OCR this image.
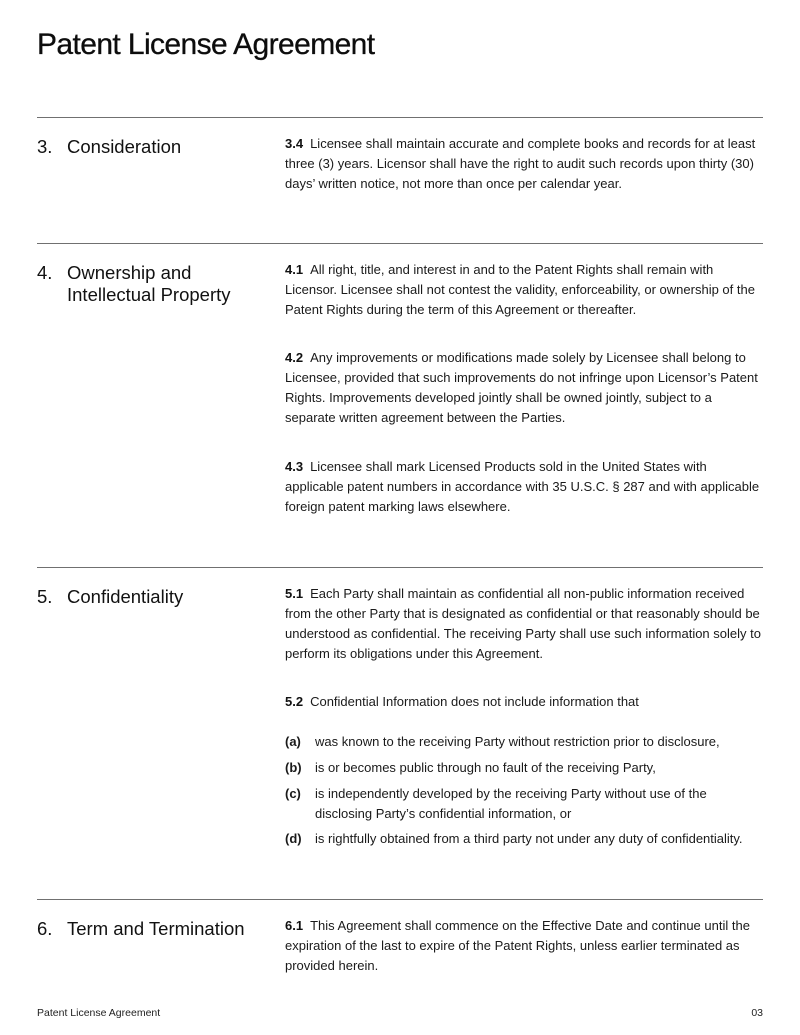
Patent License Agreement
3. Consideration	3.4 Licensee shall maintain accurate and complete books and records for at least three (3) years. Licensor shall have the right to audit such records upon thirty (30) days’ written notice, not more than once per calendar year.
4. Ownership and Intellectual Property
4.1 All right, title, and interest in and to the Patent Rights shall remain with Licensor. Licensee shall not contest the validity, enforceability, or ownership of the Patent Rights during the term of this Agreement or thereafter.
4.2 Any improvements or modifications made solely by Licensee shall belong to Licensee, provided that such improvements do not infringe upon Licensor’s Patent Rights. Improvements developed jointly shall be owned jointly, subject to a separate written agreement between the Parties.
4.3 Licensee shall mark Licensed Products sold in the United States with applicable patent numbers in accordance with 35 U.S.C. § 287 and with applicable foreign patent marking laws elsewhere.
5. Confidentiality	5.1 Each Party shall maintain as confidential all non-public information received from the other Party that is designated as confidential or that reasonably should be understood as confidential. The receiving Party shall use such information solely to perform its obligations under this Agreement.
5.2 Confidential Information does not include information that
(a)	was known to the receiving Party without restriction prior to disclosure,
(b)	is or becomes public through no fault of the receiving Party,
(c)	is independently developed by the receiving Party without use of the disclosing Party’s confidential information, or
(d)	is rightfully obtained from a third party not under any duty of confidentiality.
6. Term and Termination	6.1 This Agreement shall commence on the Effective Date and continue until the expiration of the last to expire of the Patent Rights, unless earlier terminated as provided herein.
Patent License Agreement	03
